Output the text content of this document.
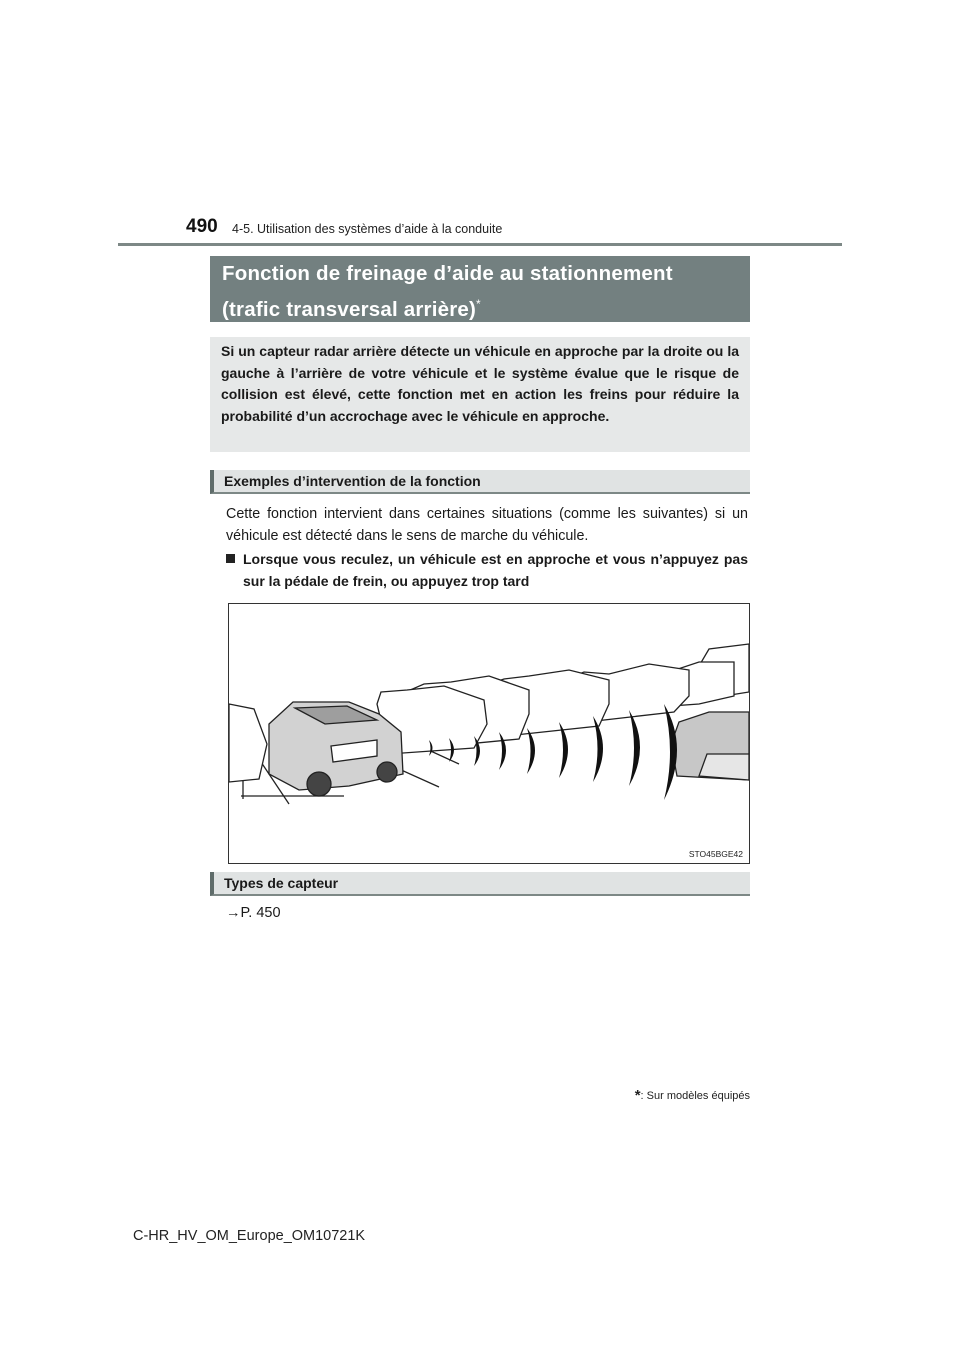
490 4-5. Utilisation des systèmes d’aide à la conduite
Fonction de freinage d’aide au stationnement
(trafic transversal arrière)*
Si un capteur radar arrière détecte un véhicule en approche par la droite ou la gauche à l’arrière de votre véhicule et le système évalue que le risque de collision est élevé, cette fonction met en action les freins pour réduire la probabilité d’un accrochage avec le véhicule en approche.
Exemples d’intervention de la fonction
Cette fonction intervient dans certaines situations (comme les suivantes) si un véhicule est détecté dans le sens de marche du véhicule.
Lorsque vous reculez, un véhicule est en approche et vous n’appuyez pas sur la pédale de frein, ou appuyez trop tard
STO45BGE42
Types de capteur
→P. 450
*: Sur modèles équipés
C-HR_HV_OM_Europe_OM10721K
